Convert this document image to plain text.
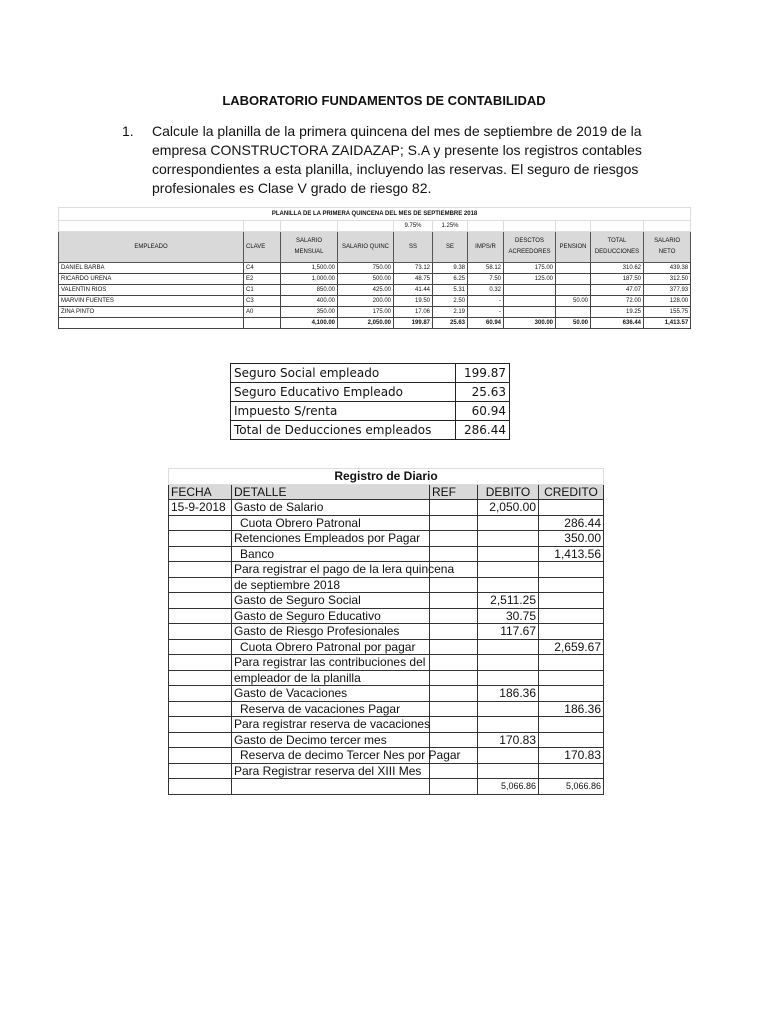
LABORATORIO FUNDAMENTOS DE CONTABILIDAD
1. Calcule la planilla de la primera quincena del mes de septiembre de 2019 de la empresa CONSTRUCTORA ZAIDAZAP; S.A y presente los registros contables correspondientes a esta planilla, incluyendo las reservas. El seguro de riesgos profesionales es Clase V grado de riesgo 82.
PLANILLA DE LA PRIMERA QUINCENA DEL MES DE SEPTIEMBRE 2018										
				9.75%	1.25%					
EMPLEADO	CLAVE	SALARIO MENSUAL	SALARIO QUINC	SS	SE	IMPS/R	DESCTOS ACREEDORES	PENSION	TOTAL DEDUCCIONES	SALARIO NETO
DANIEL BARBA	C4	1,500.00	750.00	73.12	9.38	58.12	175.00		310.62	439.38
RICARDO URENA	E2	1,000.00	500.00	48.75	6.25	7.50	125.00		187.50	312.50
VALENTIN RIOS	C1	850.00	425.00	41.44	5.31	0.32			47.07	377.93
MARVIN FUENTES	C3	400.00	200.00	19.50	2.50	-		50.00	72.00	128.00
ZINA PINTO	A0	350.00	175.00	17.06	2.19	-			19.25	155.75
		4,100.00	2,050.00	199.87	25.63	60.94	300.00	50.00	636.44	1,413.57
Seguro Social empleado	199.87
Seguro Educativo Empleado	25.63
Impuesto S/renta	60.94
Total de Deducciones empleados	286.44
Registro de Diario				
FECHA	DETALLE	REF	DEBITO	CREDITO
15-9-2018	Gasto de Salario		2,050.00	
	Cuota Obrero Patronal			286.44
	Retenciones Empleados por Pagar			350.00
	Banco			1,413.56
	Para registrar el pago de la lera quincena			
	de septiembre 2018			
	Gasto de Seguro Social		2,511.25	
	Gasto de Seguro Educativo		30.75	
	Gasto de Riesgo Profesionales		117.67	
	Cuota Obrero Patronal por pagar			2,659.67
	Para registrar las contribuciones del			
	empleador de la planilla			
	Gasto de Vacaciones		186.36	
	Reserva de vacaciones Pagar			186.36
	Para registrar reserva de vacaciones			
	Gasto de Decimo tercer mes		170.83	
	Reserva de decimo Tercer Nes por Pagar			170.83
	Para Registrar reserva del XIII Mes			
			5,066.86	5,066.86
